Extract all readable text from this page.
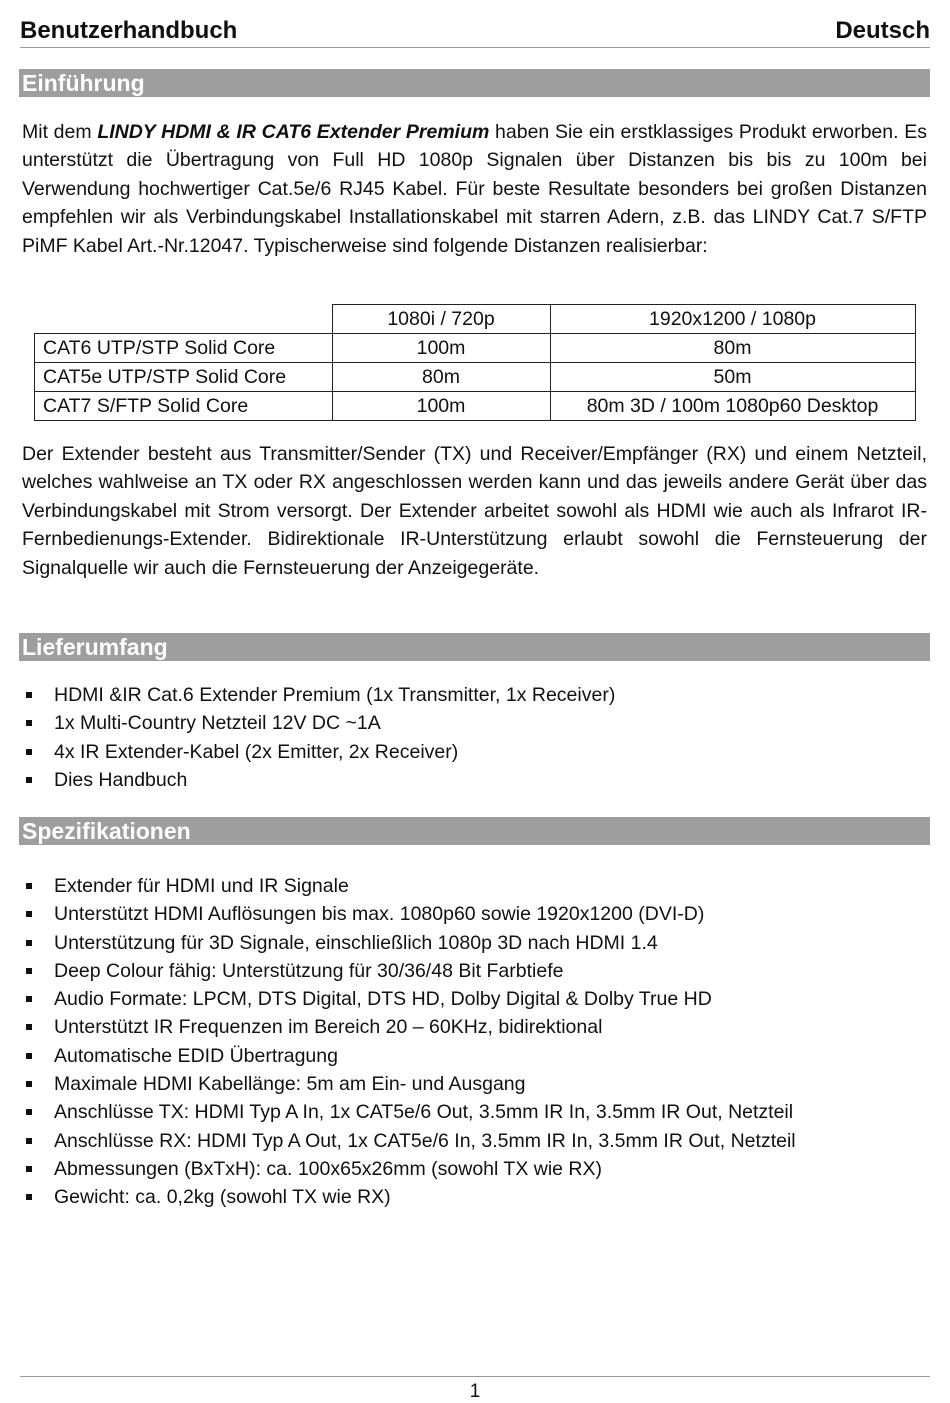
Benutzerhandbuch	Deutsch
Einführung
Mit dem LINDY HDMI & IR CAT6 Extender Premium haben Sie ein erstklassiges Produkt erworben. Es unterstützt die Übertragung von Full HD 1080p Signalen über Distanzen bis bis zu 100m bei Verwendung hochwertiger Cat.5e/6 RJ45 Kabel. Für beste Resultate besonders bei großen Distanzen empfehlen wir als Verbindungskabel Installationskabel mit starren Adern, z.B. das LINDY Cat.7 S/FTP PiMF Kabel Art.-Nr.12047. Typischerweise sind folgende Distanzen realisierbar:
	1080i / 720p	1920x1200 / 1080p
CAT6 UTP/STP Solid Core	100m	80m
CAT5e UTP/STP Solid Core	80m	50m
CAT7 S/FTP Solid Core	100m	80m 3D / 100m 1080p60 Desktop
Der Extender besteht aus Transmitter/Sender (TX) und Receiver/Empfänger (RX) und einem Netzteil, welches wahlweise an TX oder RX angeschlossen werden kann und das jeweils andere Gerät über das Verbindungskabel mit Strom versorgt. Der Extender arbeitet sowohl als HDMI wie auch als Infrarot IR-Fernbedienungs-Extender. Bidirektionale IR-Unterstützung erlaubt sowohl die Fernsteuerung der Signalquelle wir auch die Fernsteuerung der Anzeigegeräte.
Lieferumfang
HDMI &IR Cat.6 Extender Premium (1x Transmitter, 1x Receiver)
1x Multi-Country Netzteil 12V DC ~1A
4x IR Extender-Kabel (2x Emitter, 2x Receiver)
Dies Handbuch
Spezifikationen
Extender für HDMI und IR Signale
Unterstützt HDMI Auflösungen bis max. 1080p60 sowie 1920x1200 (DVI-D)
Unterstützung für 3D Signale, einschließlich 1080p 3D nach HDMI 1.4
Deep Colour fähig: Unterstützung für 30/36/48 Bit Farbtiefe
Audio Formate: LPCM, DTS Digital, DTS HD, Dolby Digital & Dolby True HD
Unterstützt IR Frequenzen im Bereich 20 – 60KHz, bidirektional
Automatische EDID Übertragung
Maximale HDMI Kabellänge: 5m am Ein- und Ausgang
Anschlüsse TX: HDMI Typ A In, 1x CAT5e/6 Out, 3.5mm IR In, 3.5mm IR Out, Netzteil
Anschlüsse RX: HDMI Typ A Out, 1x CAT5e/6 In, 3.5mm IR In, 3.5mm IR Out, Netzteil
Abmessungen (BxTxH): ca. 100x65x26mm (sowohl TX wie RX)
Gewicht: ca. 0,2kg (sowohl TX wie RX)
1
